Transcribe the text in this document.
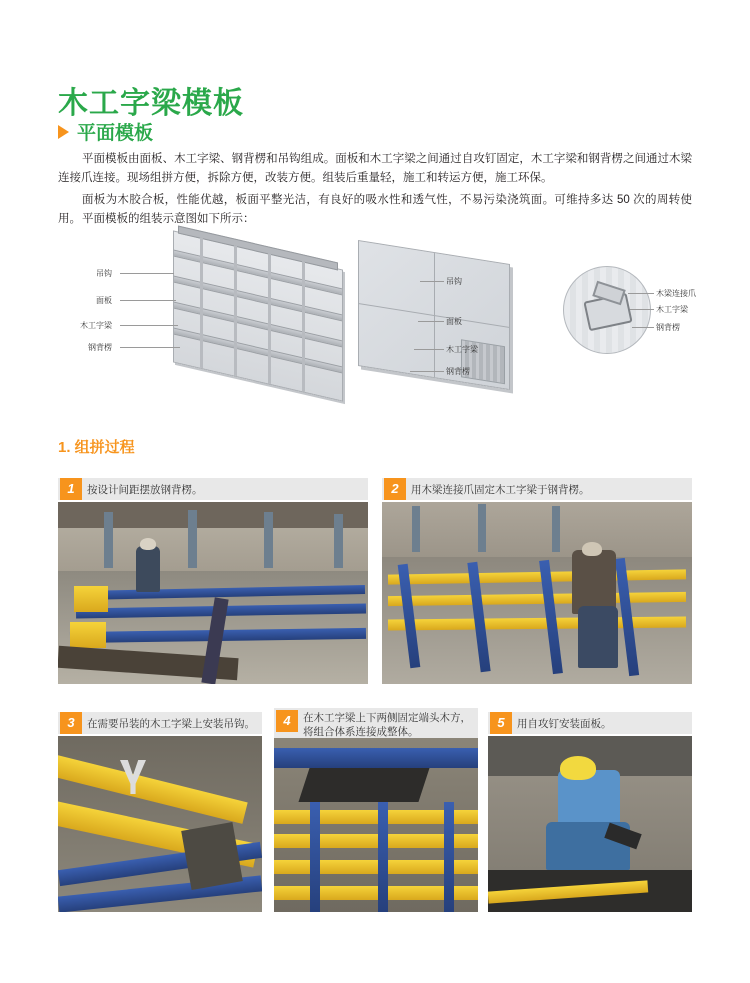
木工字梁模板
平面模板
平面模板由面板、木工字梁、钢背楞和吊钩组成。面板和木工字梁之间通过自攻钉固定，木工字梁和钢背楞之间通过木梁连接爪连接。现场组拼方便，拆除方便，改装方便。组装后重量轻，施工和转运方便，施工环保。
面板为木胶合板，性能优越，板面平整光洁，有良好的吸水性和透气性，不易污染浇筑面。可维持多达 50 次的周转使用。 平面模板的组装示意图如下所示：
吊钩
面板
木工字梁
钢背楞
吊钩
面板
木工字梁
钢背楞
木梁连接爪
木工字梁
钢背楞
1. 组拼过程
1	按设计间距摆放钢背楞。	2	用木梁连接爪固定木工字梁于钢背楞。
3	在需要吊装的木工字梁上安装吊钩。	4	在木工字梁上下两侧固定端头木方，将组合体系连接成整体。
5	用自攻钉安装面板。
